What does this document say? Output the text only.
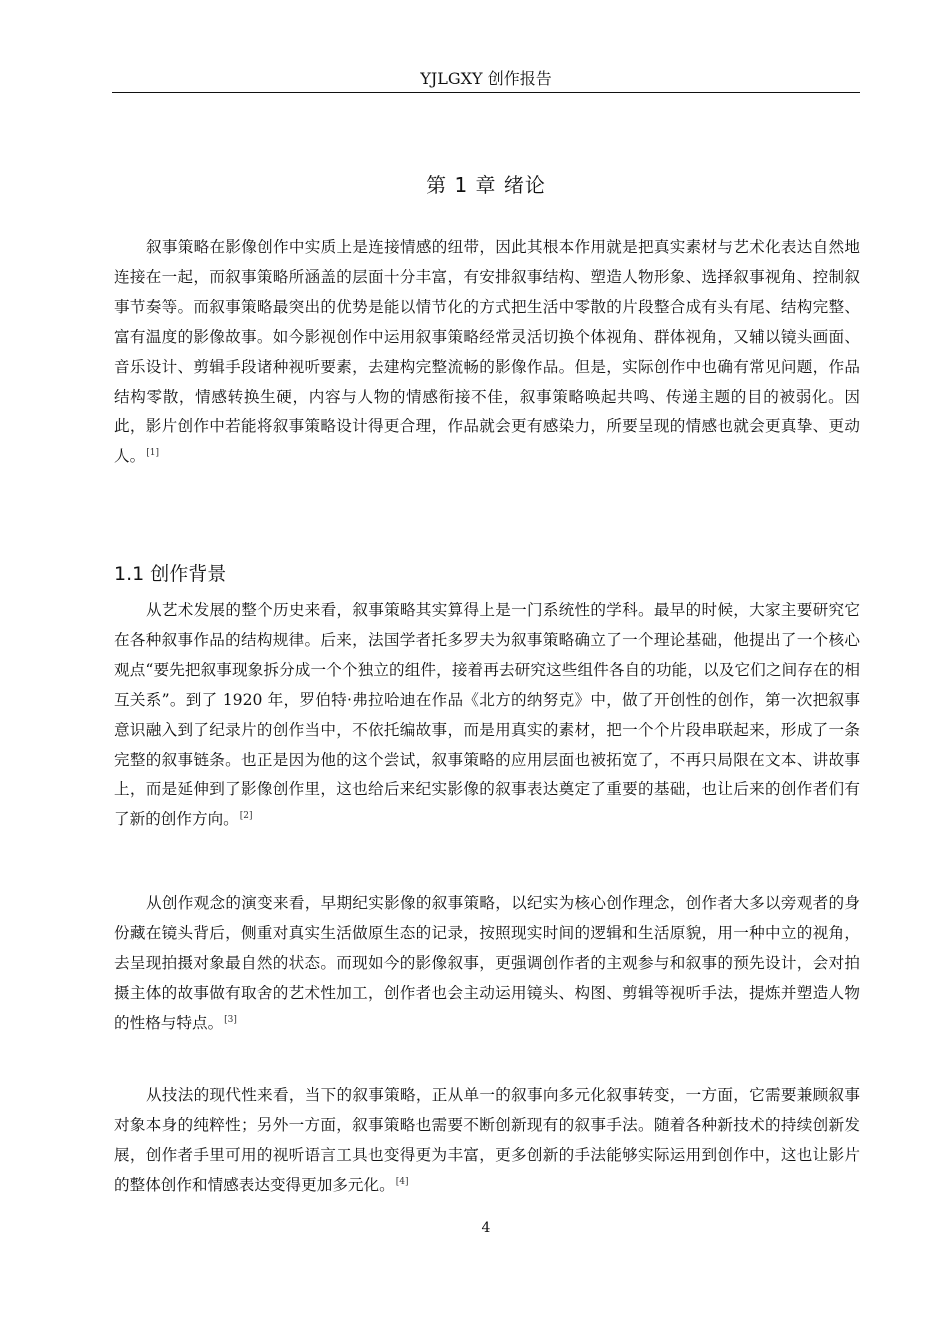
YJLGXY 创作报告
第 1 章 绪论

叙事策略在影像创作中实质上是连接情感的纽带，因此其根本作用就是把真实素材与艺术化表达自然地连接在一起，而叙事策略所涵盖的层面十分丰富，有安排叙事结构、塑造人物形象、选择叙事视角、控制叙事节奏等。而叙事策略最突出的优势是能以情节化的方式把生活中零散的片段整合成有头有尾、结构完整、富有温度的影像故事。如今影视创作中运用叙事策略经常灵活切换个体视角、群体视角，又辅以镜头画面、音乐设计、剪辑手段诸种视听要素，去建构完整流畅的影像作品。但是，实际创作中也确有常见问题，作品结构零散，情感转换生硬，内容与人物的情感衔接不佳，叙事策略唤起共鸣、传递主题的目的被弱化。因此，影片创作中若能将叙事策略设计得更合理，作品就会更有感染力，所要呈现的情感也就会更真挚、更动人。[1]

1.1 创作背景

从艺术发展的整个历史来看，叙事策略其实算得上是一门系统性的学科。最早的时候，大家主要研究它在各种叙事作品的结构规律。后来，法国学者托多罗夫为叙事策略确立了一个理论基础，他提出了一个核心观点“要先把叙事现象拆分成一个个独立的组件，接着再去研究这些组件各自的功能，以及它们之间存在的相互关系”。到了 1920 年，罗伯特·弗拉哈迪在作品《北方的纳努克》中，做了开创性的创作，第一次把叙事意识融入到了纪录片的创作当中，不依托编故事，而是用真实的素材，把一个个片段串联起来，形成了一条完整的叙事链条。也正是因为他的这个尝试，叙事策略的应用层面也被拓宽了，不再只局限在文本、讲故事上，而是延伸到了影像创作里，这也给后来纪实影像的叙事表达奠定了重要的基础，也让后来的创作者们有了新的创作方向。[2]

从创作观念的演变来看，早期纪实影像的叙事策略，以纪实为核心创作理念，创作者大多以旁观者的身份藏在镜头背后，侧重对真实生活做原生态的记录，按照现实时间的逻辑和生活原貌，用一种中立的视角，去呈现拍摄对象最自然的状态。而现如今的影像叙事，更强调创作者的主观参与和叙事的预先设计，会对拍摄主体的故事做有取舍的艺术性加工，创作者也会主动运用镜头、构图、剪辑等视听手法，提炼并塑造人物的性格与特点。[3]

从技法的现代性来看，当下的叙事策略，正从单一的叙事向多元化叙事转变，一方面，它需要兼顾叙事对象本身的纯粹性；另外一方面，叙事策略也需要不断创新现有的叙事手法。随着各种新技术的持续创新发展，创作者手里可用的视听语言工具也变得更为丰富，更多创新的手法能够实际运用到创作中，这也让影片的整体创作和情感表达变得更加多元化。[4]

4
